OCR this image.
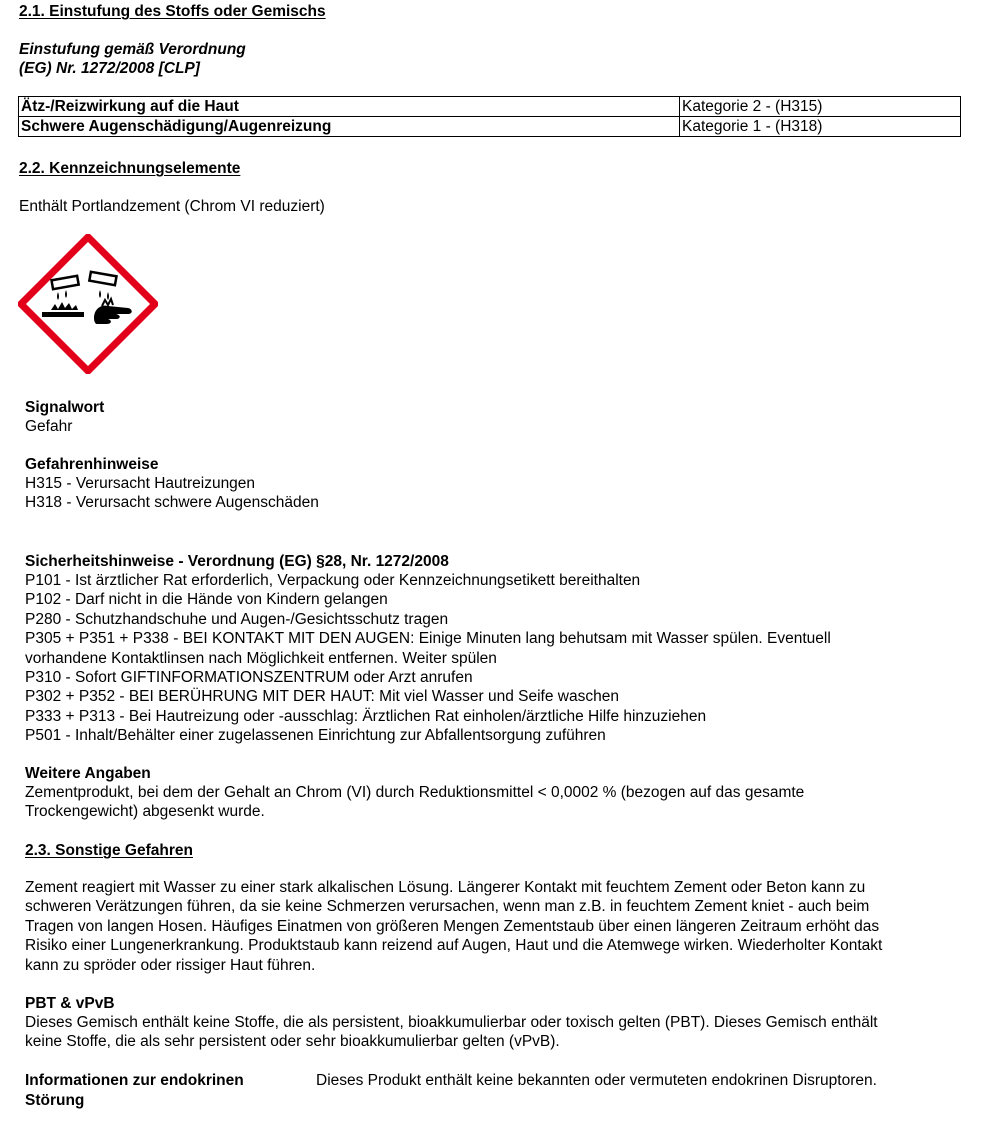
2.1. Einstufung des Stoffs oder Gemischs
Einstufung gemäß Verordnung
(EG) Nr. 1272/2008 [CLP]
Ätz-/Reizwirkung auf die Haut	Kategorie 2 - (H315)
Schwere Augenschädigung/Augenreizung	Kategorie 1 - (H318)
2.2. Kennzeichnungselemente
Enthält Portlandzement (Chrom VI reduziert)
Signalwort
Gefahr
Gefahrenhinweise
H315 - Verursacht Hautreizungen
H318 - Verursacht schwere Augenschäden
Sicherheitshinweise - Verordnung (EG) §28, Nr. 1272/2008
P101 - Ist ärztlicher Rat erforderlich, Verpackung oder Kennzeichnungsetikett bereithalten
P102 - Darf nicht in die Hände von Kindern gelangen
P280 - Schutzhandschuhe und Augen-/Gesichtsschutz tragen
P305 + P351 + P338 - BEI KONTAKT MIT DEN AUGEN: Einige Minuten lang behutsam mit Wasser spülen. Eventuell
vorhandene Kontaktlinsen nach Möglichkeit entfernen. Weiter spülen
P310 - Sofort GIFTINFORMATIONSZENTRUM oder Arzt anrufen
P302 + P352 - BEI BERÜHRUNG MIT DER HAUT: Mit viel Wasser und Seife waschen
P333 + P313 - Bei Hautreizung oder -ausschlag: Ärztlichen Rat einholen/ärztliche Hilfe hinzuziehen
P501 - Inhalt/Behälter einer zugelassenen Einrichtung zur Abfallentsorgung zuführen
Weitere Angaben
Zementprodukt, bei dem der Gehalt an Chrom (VI) durch Reduktionsmittel < 0,0002 % (bezogen auf das gesamte
Trockengewicht) abgesenkt wurde.
2.3. Sonstige Gefahren
Zement reagiert mit Wasser zu einer stark alkalischen Lösung. Längerer Kontakt mit feuchtem Zement oder Beton kann zu
schweren Verätzungen führen, da sie keine Schmerzen verursachen, wenn man z.B. in feuchtem Zement kniet - auch beim
Tragen von langen Hosen. Häufiges Einatmen von größeren Mengen Zementstaub über einen längeren Zeitraum erhöht das
Risiko einer Lungenerkrankung. Produktstaub kann reizend auf Augen, Haut und die Atemwege wirken. Wiederholter Kontakt
kann zu spröder oder rissiger Haut führen.
PBT & vPvB
Dieses Gemisch enthält keine Stoffe, die als persistent, bioakkumulierbar oder toxisch gelten (PBT). Dieses Gemisch enthält
keine Stoffe, die als sehr persistent oder sehr bioakkumulierbar gelten (vPvB).
Informationen zur endokrinen
Störung
Dieses Produkt enthält keine bekannten oder vermuteten endokrinen Disruptoren.
